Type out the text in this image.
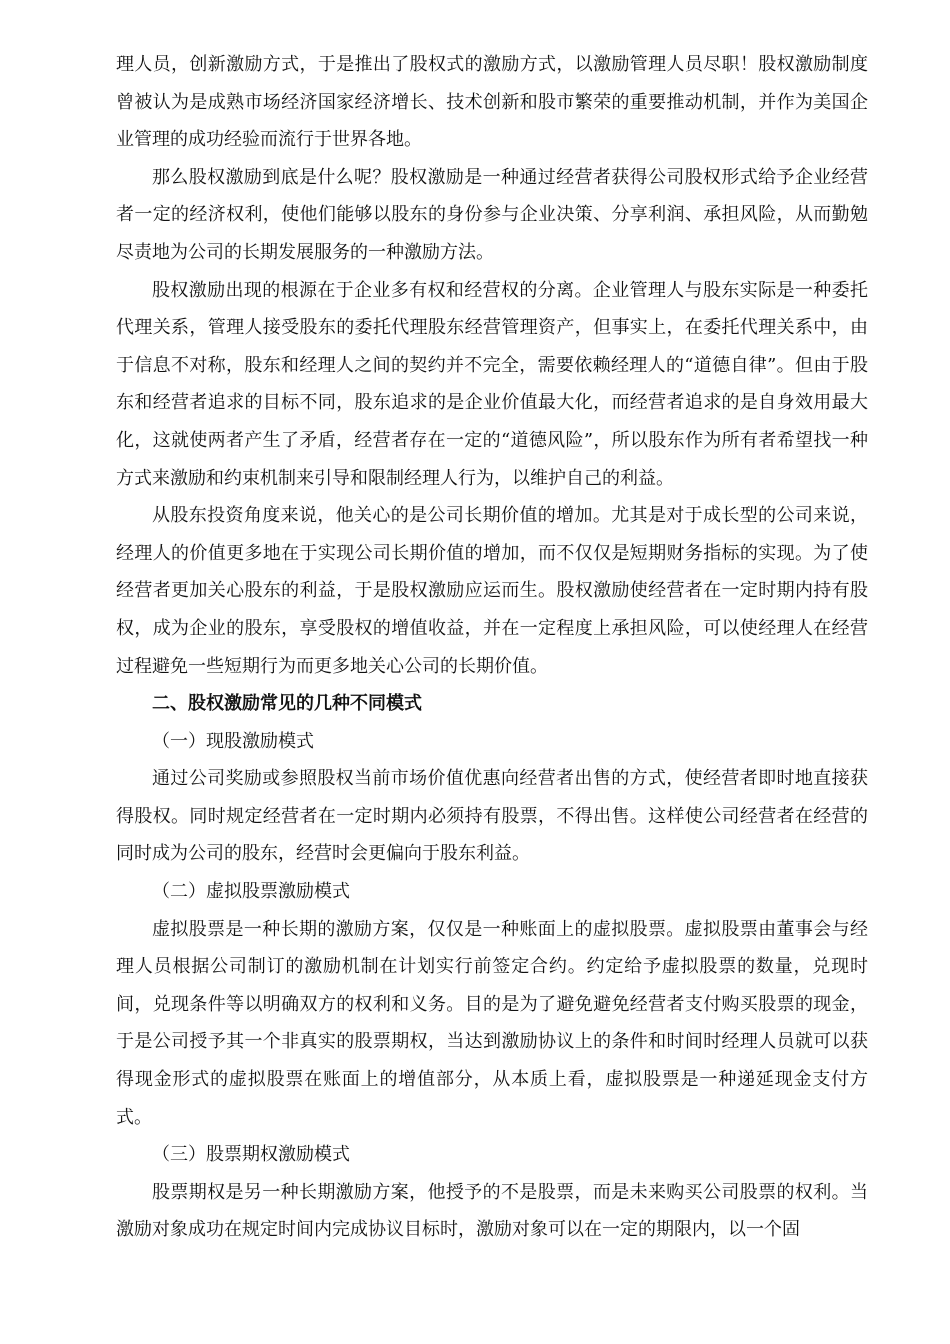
理人员，创新激励方式，于是推出了股权式的激励方式，以激励管理人员尽职！股权激励制度曾被认为是成熟市场经济国家经济增长、技术创新和股市繁荣的重要推动机制，并作为美国企业管理的成功经验而流行于世界各地。

那么股权激励到底是什么呢？股权激励是一种通过经营者获得公司股权形式给予企业经营者一定的经济权利，使他们能够以股东的身份参与企业决策、分享利润、承担风险，从而勤勉尽责地为公司的长期发展服务的一种激励方法。

股权激励出现的根源在于企业多有权和经营权的分离。企业管理人与股东实际是一种委托代理关系，管理人接受股东的委托代理股东经营管理资产，但事实上，在委托代理关系中，由于信息不对称，股东和经理人之间的契约并不完全，需要依赖经理人的“道德自律”。但由于股东和经营者追求的目标不同，股东追求的是企业价值最大化，而经营者追求的是自身效用最大化，这就使两者产生了矛盾，经营者存在一定的“道德风险”，所以股东作为所有者希望找一种方式来激励和约束机制来引导和限制经理人行为，以维护自己的利益。

从股东投资角度来说，他关心的是公司长期价值的增加。尤其是对于成长型的公司来说，经理人的价值更多地在于实现公司长期价值的增加，而不仅仅是短期财务指标的实现。为了使经营者更加关心股东的利益，于是股权激励应运而生。股权激励使经营者在一定时期内持有股权，成为企业的股东，享受股权的增值收益，并在一定程度上承担风险，可以使经理人在经营过程避免一些短期行为而更多地关心公司的长期价值。

二、股权激励常见的几种不同模式
（一）现股激励模式

通过公司奖励或参照股权当前市场价值优惠向经营者出售的方式，使经营者即时地直接获得股权。同时规定经营者在一定时期内必须持有股票，不得出售。这样使公司经营者在经营的同时成为公司的股东，经营时会更偏向于股东利益。

（二）虚拟股票激励模式

虚拟股票是一种长期的激励方案，仅仅是一种账面上的虚拟股票。虚拟股票由董事会与经理人员根据公司制订的激励机制在计划实行前签定合约。约定给予虚拟股票的数量，兑现时间，兑现条件等以明确双方的权利和义务。目的是为了避免避免经营者支付购买股票的现金，于是公司授予其一个非真实的股票期权，当达到激励协议上的条件和时间时经理人员就可以获得现金形式的虚拟股票在账面上的增值部分，从本质上看，虚拟股票是一种递延现金支付方式。

（三）股票期权激励模式

股票期权是另一种长期激励方案，他授予的不是股票，而是未来购买公司股票的权利。当激励对象成功在规定时间内完成协议目标时，激励对象可以在一定的期限内，以一个固
